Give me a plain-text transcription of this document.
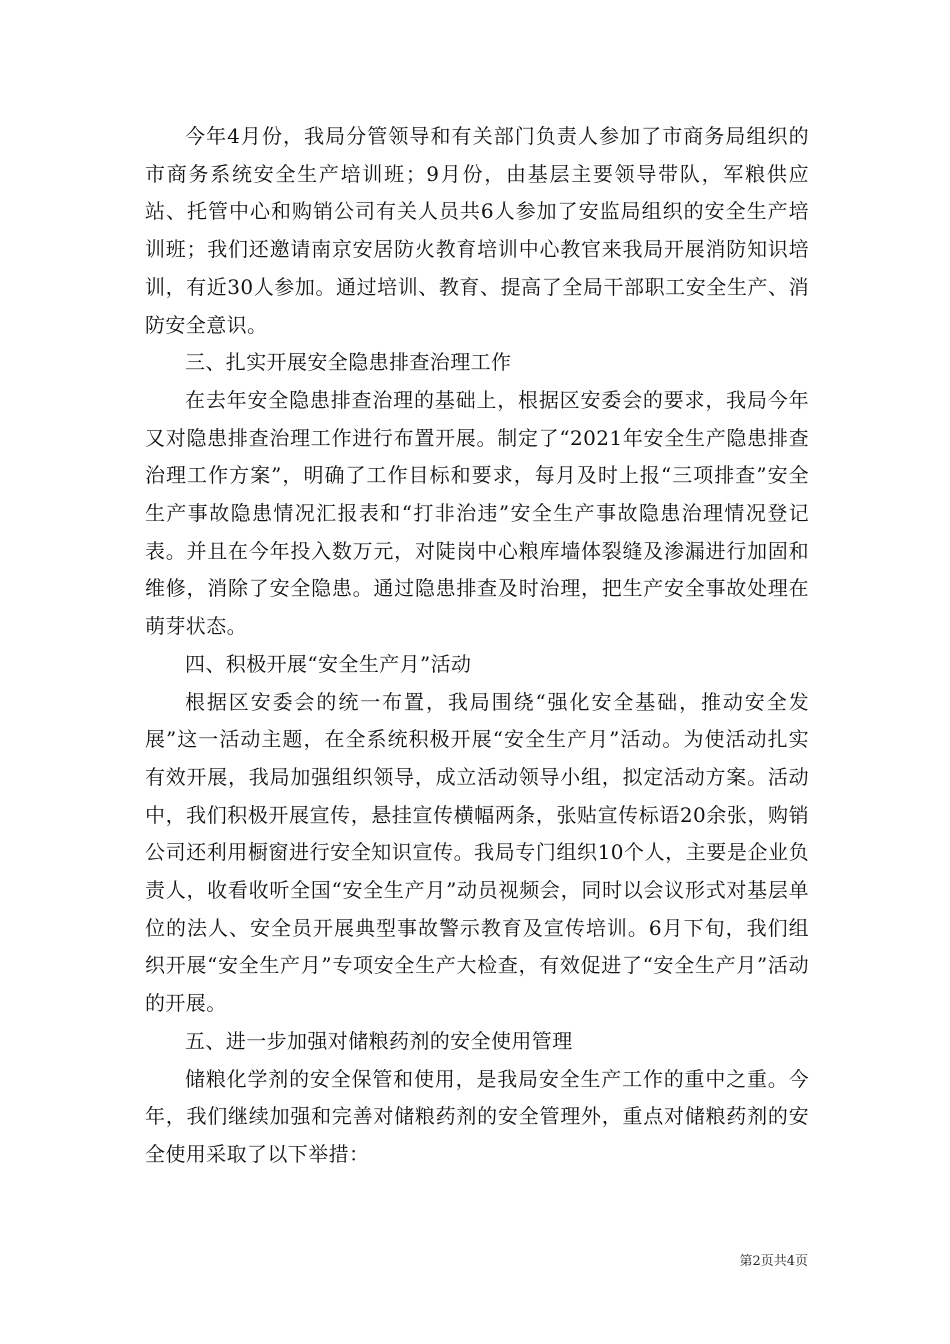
今年4月份，我局分管领导和有关部门负责人参加了市商务局组织的市商务系统安全生产培训班；9月份，由基层主要领导带队，军粮供应站、托管中心和购销公司有关人员共6人参加了安监局组织的安全生产培训班；我们还邀请南京安居防火教育培训中心教官来我局开展消防知识培训，有近30人参加。通过培训、教育、提高了全局干部职工安全生产、消防安全意识。

三、扎实开展安全隐患排查治理工作

在去年安全隐患排查治理的基础上，根据区安委会的要求，我局今年又对隐患排查治理工作进行布置开展。制定了“2021年安全生产隐患排查治理工作方案”，明确了工作目标和要求，每月及时上报“三项排查”安全生产事故隐患情况汇报表和“打非治违”安全生产事故隐患治理情况登记表。并且在今年投入数万元，对陡岗中心粮库墙体裂缝及渗漏进行加固和维修，消除了安全隐患。通过隐患排查及时治理，把生产安全事故处理在萌芽状态。

四、积极开展“安全生产月”活动

根据区安委会的统一布置，我局围绕“强化安全基础，推动安全发展”这一活动主题，在全系统积极开展“安全生产月”活动。为使活动扎实有效开展，我局加强组织领导，成立活动领导小组，拟定活动方案。活动中，我们积极开展宣传，悬挂宣传横幅两条，张贴宣传标语20余张，购销公司还利用橱窗进行安全知识宣传。我局专门组织10个人，主要是企业负责人，收看收听全国“安全生产月”动员视频会，同时以会议形式对基层单位的法人、安全员开展典型事故警示教育及宣传培训。6月下旬，我们组织开展“安全生产月”专项安全生产大检查，有效促进了“安全生产月”活动的开展。

五、进一步加强对储粮药剂的安全使用管理

储粮化学剂的安全保管和使用，是我局安全生产工作的重中之重。今年，我们继续加强和完善对储粮药剂的安全管理外，重点对储粮药剂的安全使用采取了以下举措：

第2页共4页
